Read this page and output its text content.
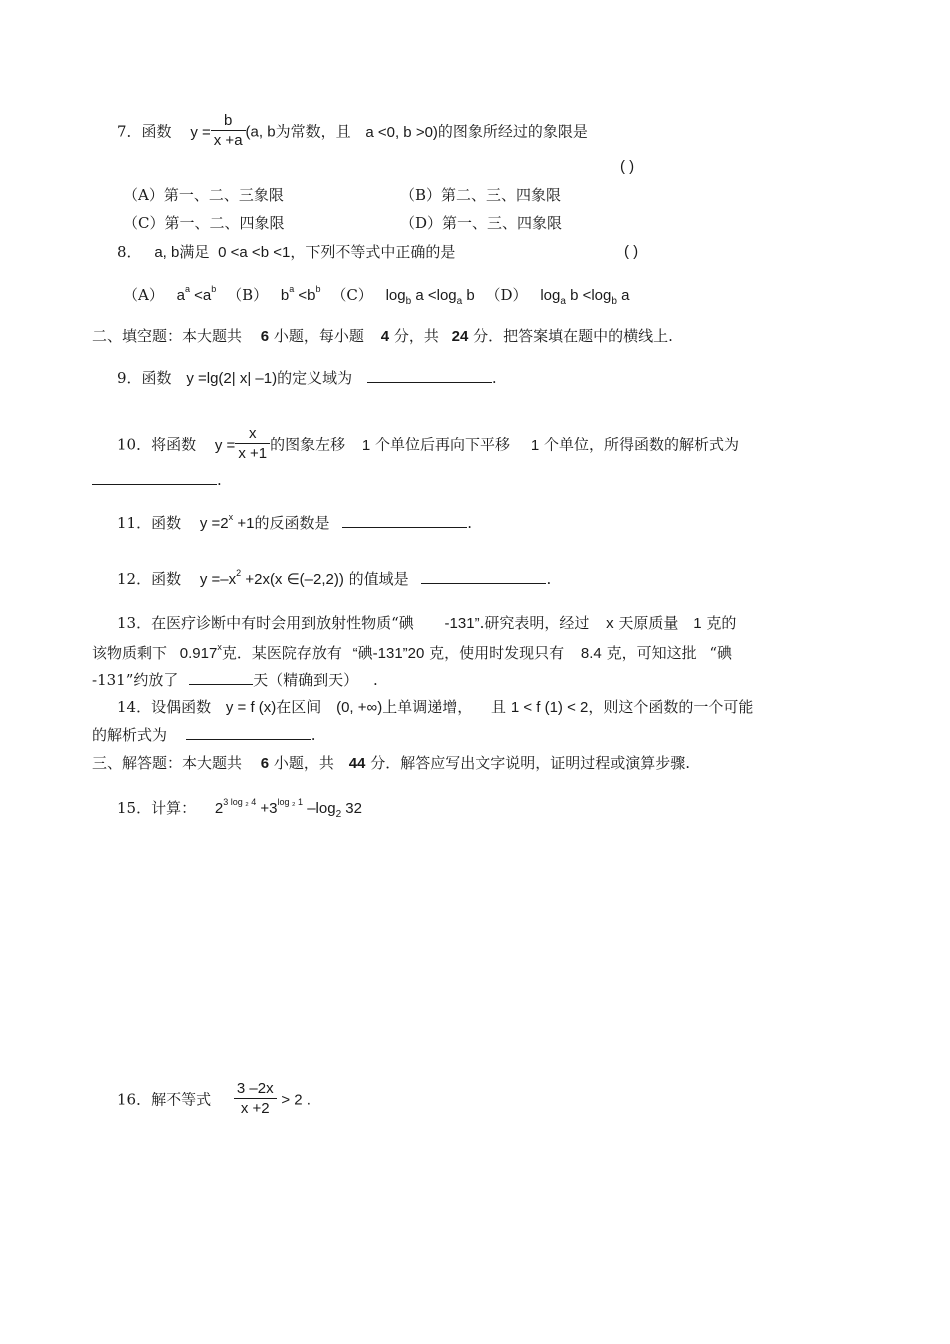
7．函数 $y = \frac{b}{x +a} (a$, b为常数，且 a <0, b >0)的图象所经过的象限是
( )
（A）第一、二、三象限	（B）第二、三、四象限
（C）第一、二、四象限	（D）第一、三、四象限
8． a, b满足 0 <a <b <1，下列不等式中正确的是	( )
（A） $a^a <a^b$ （B） $b^a <b^b$ （C） $\log_b a <\log_a$ b （D） $\log_a b <\log_b$ a
二、填空题：本大题共 6 小题，每小题 4 分，共 24 分．把答案填在题中的横线上.
9．函数 y =lg(2| x| –1)的定义域为	.
10．将函数 $y = \frac{x}{x +1}$ 的图象左移 1 个单位后再向下平移 1 个单位，所得函数的解析式为
.
11．函数 $y =2^x +1$的反函数是	.
12．函数 $y =-x^2 +2x(x$ ∈(–2,2)) 的值域是	.
13．在医疗诊断中有时会用到放射性物质“碘 -131”.研究表明，经过 x 天原质量 1 克的
该物质剩下 0.917$^x$克．某医院存放有 “碘-131”20 克，使用时发现只有 8.4 克，可知这批 “碘
-131”约放了	天（精确到天） .
14．设偶函数 y = f (x)在区间 (0, +∞)上单调递增， 且 1 < f (1) < 2，则这个函数的一个可能
的解析式为	.
三、解答题：本大题共 6 小题，共 44 分．解答应写出文字说明，证明过程或演算步骤.
15．计算： $2^{3 log _2 4} +3^{log _2 1}$ $-\log_2$ 32
16．解不等式 $\frac{3 -2x}{x +2} > 2$ .
